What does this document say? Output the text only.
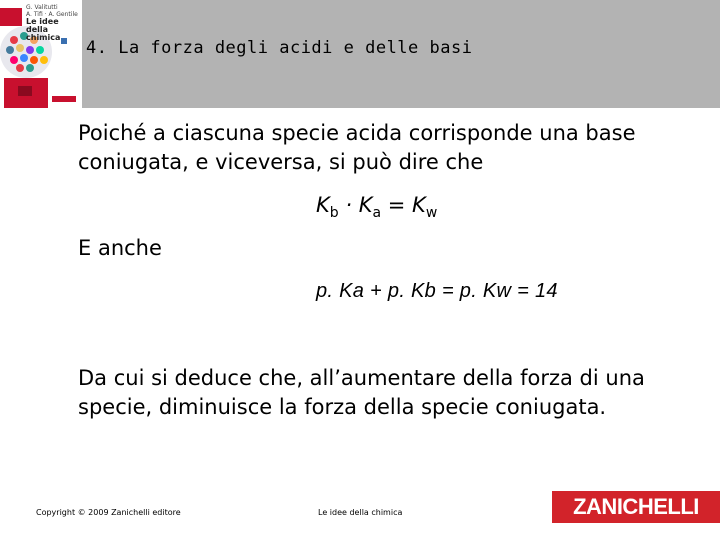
G. Valitutti
A. Tifi · A. Gentile
Le idee della chimica
4. La forza degli acidi e delle basi
Poiché a ciascuna specie acida corrisponde una base coniugata, e viceversa, si può dire che
$K_b \cdot K_a = K_w$
E anche
p. Ka + p. Kb = p. Kw = 14
Da cui si deduce che, all’aumentare della forza di una specie, diminuisce la forza della specie coniugata.
Copyright © 2009 Zanichelli editore	Le idee della chimica	ZANICHELLI
